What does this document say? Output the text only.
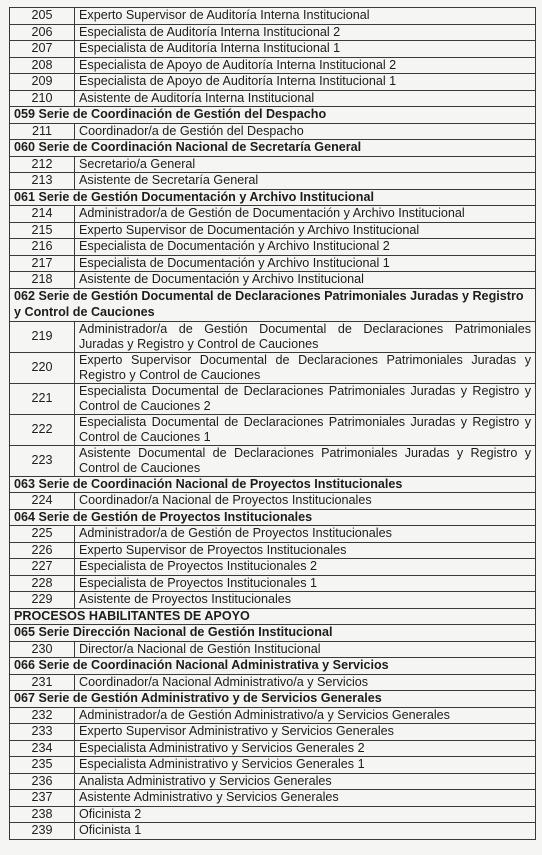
205	Experto Supervisor de Auditoría Interna Institucional
206	Especialista de Auditoría Interna Institucional 2
207	Especialista de Auditoría Interna Institucional 1
208	Especialista de Apoyo de Auditoría Interna Institucional 2
209	Especialista de Apoyo de Auditoría Interna Institucional 1
210	Asistente de Auditoría Interna Institucional
059 Serie de Coordinación de Gestión del Despacho	
211	Coordinador/a de Gestión del Despacho
060 Serie de Coordinación Nacional de Secretaría General	
212	Secretario/a General
213	Asistente de Secretaría General
061 Serie de Gestión Documentación y Archivo Institucional	
214	Administrador/a de Gestión de Documentación y Archivo Institucional
215	Experto Supervisor de Documentación y Archivo Institucional
216	Especialista de Documentación y Archivo Institucional 2
217	Especialista de Documentación y Archivo Institucional 1
218	Asistente de Documentación y Archivo Institucional
062 Serie de Gestión Documental de Declaraciones Patrimoniales Juradas y Registro y Control de Cauciones	
219	Administrador/a de Gestión Documental de Declaraciones Patrimoniales Juradas y Registro y Control de Cauciones
220	Experto Supervisor Documental de Declaraciones Patrimoniales Juradas y Registro y Control de Cauciones
221	Especialista Documental de Declaraciones Patrimoniales Juradas y Registro y Control de Cauciones 2
222	Especialista Documental de Declaraciones Patrimoniales Juradas y Registro y Control de Cauciones 1
223	Asistente Documental de Declaraciones Patrimoniales Juradas y Registro y Control de Cauciones
063 Serie de Coordinación Nacional de Proyectos Institucionales	
224	Coordinador/a Nacional de Proyectos Institucionales
064 Serie de Gestión de Proyectos Institucionales	
225	Administrador/a de Gestión de Proyectos Institucionales
226	Experto Supervisor de Proyectos Institucionales
227	Especialista de Proyectos Institucionales 2
228	Especialista de Proyectos Institucionales 1
229	Asistente de Proyectos Institucionales
PROCESOS HABILITANTES DE APOYO	
065 Serie Dirección Nacional de Gestión Institucional	
230	Director/a Nacional de Gestión Institucional
066 Serie de Coordinación Nacional Administrativa y Servicios	
231	Coordinador/a Nacional Administrativo/a y Servicios
067 Serie de Gestión Administrativo y de Servicios Generales	
232	Administrador/a de Gestión Administrativo/a y Servicios Generales
233	Experto Supervisor Administrativo y Servicios Generales
234	Especialista Administrativo y Servicios Generales 2
235	Especialista Administrativo y Servicios Generales 1
236	Analista Administrativo y Servicios Generales
237	Asistente Administrativo y Servicios Generales
238	Oficinista 2
239	Oficinista 1
